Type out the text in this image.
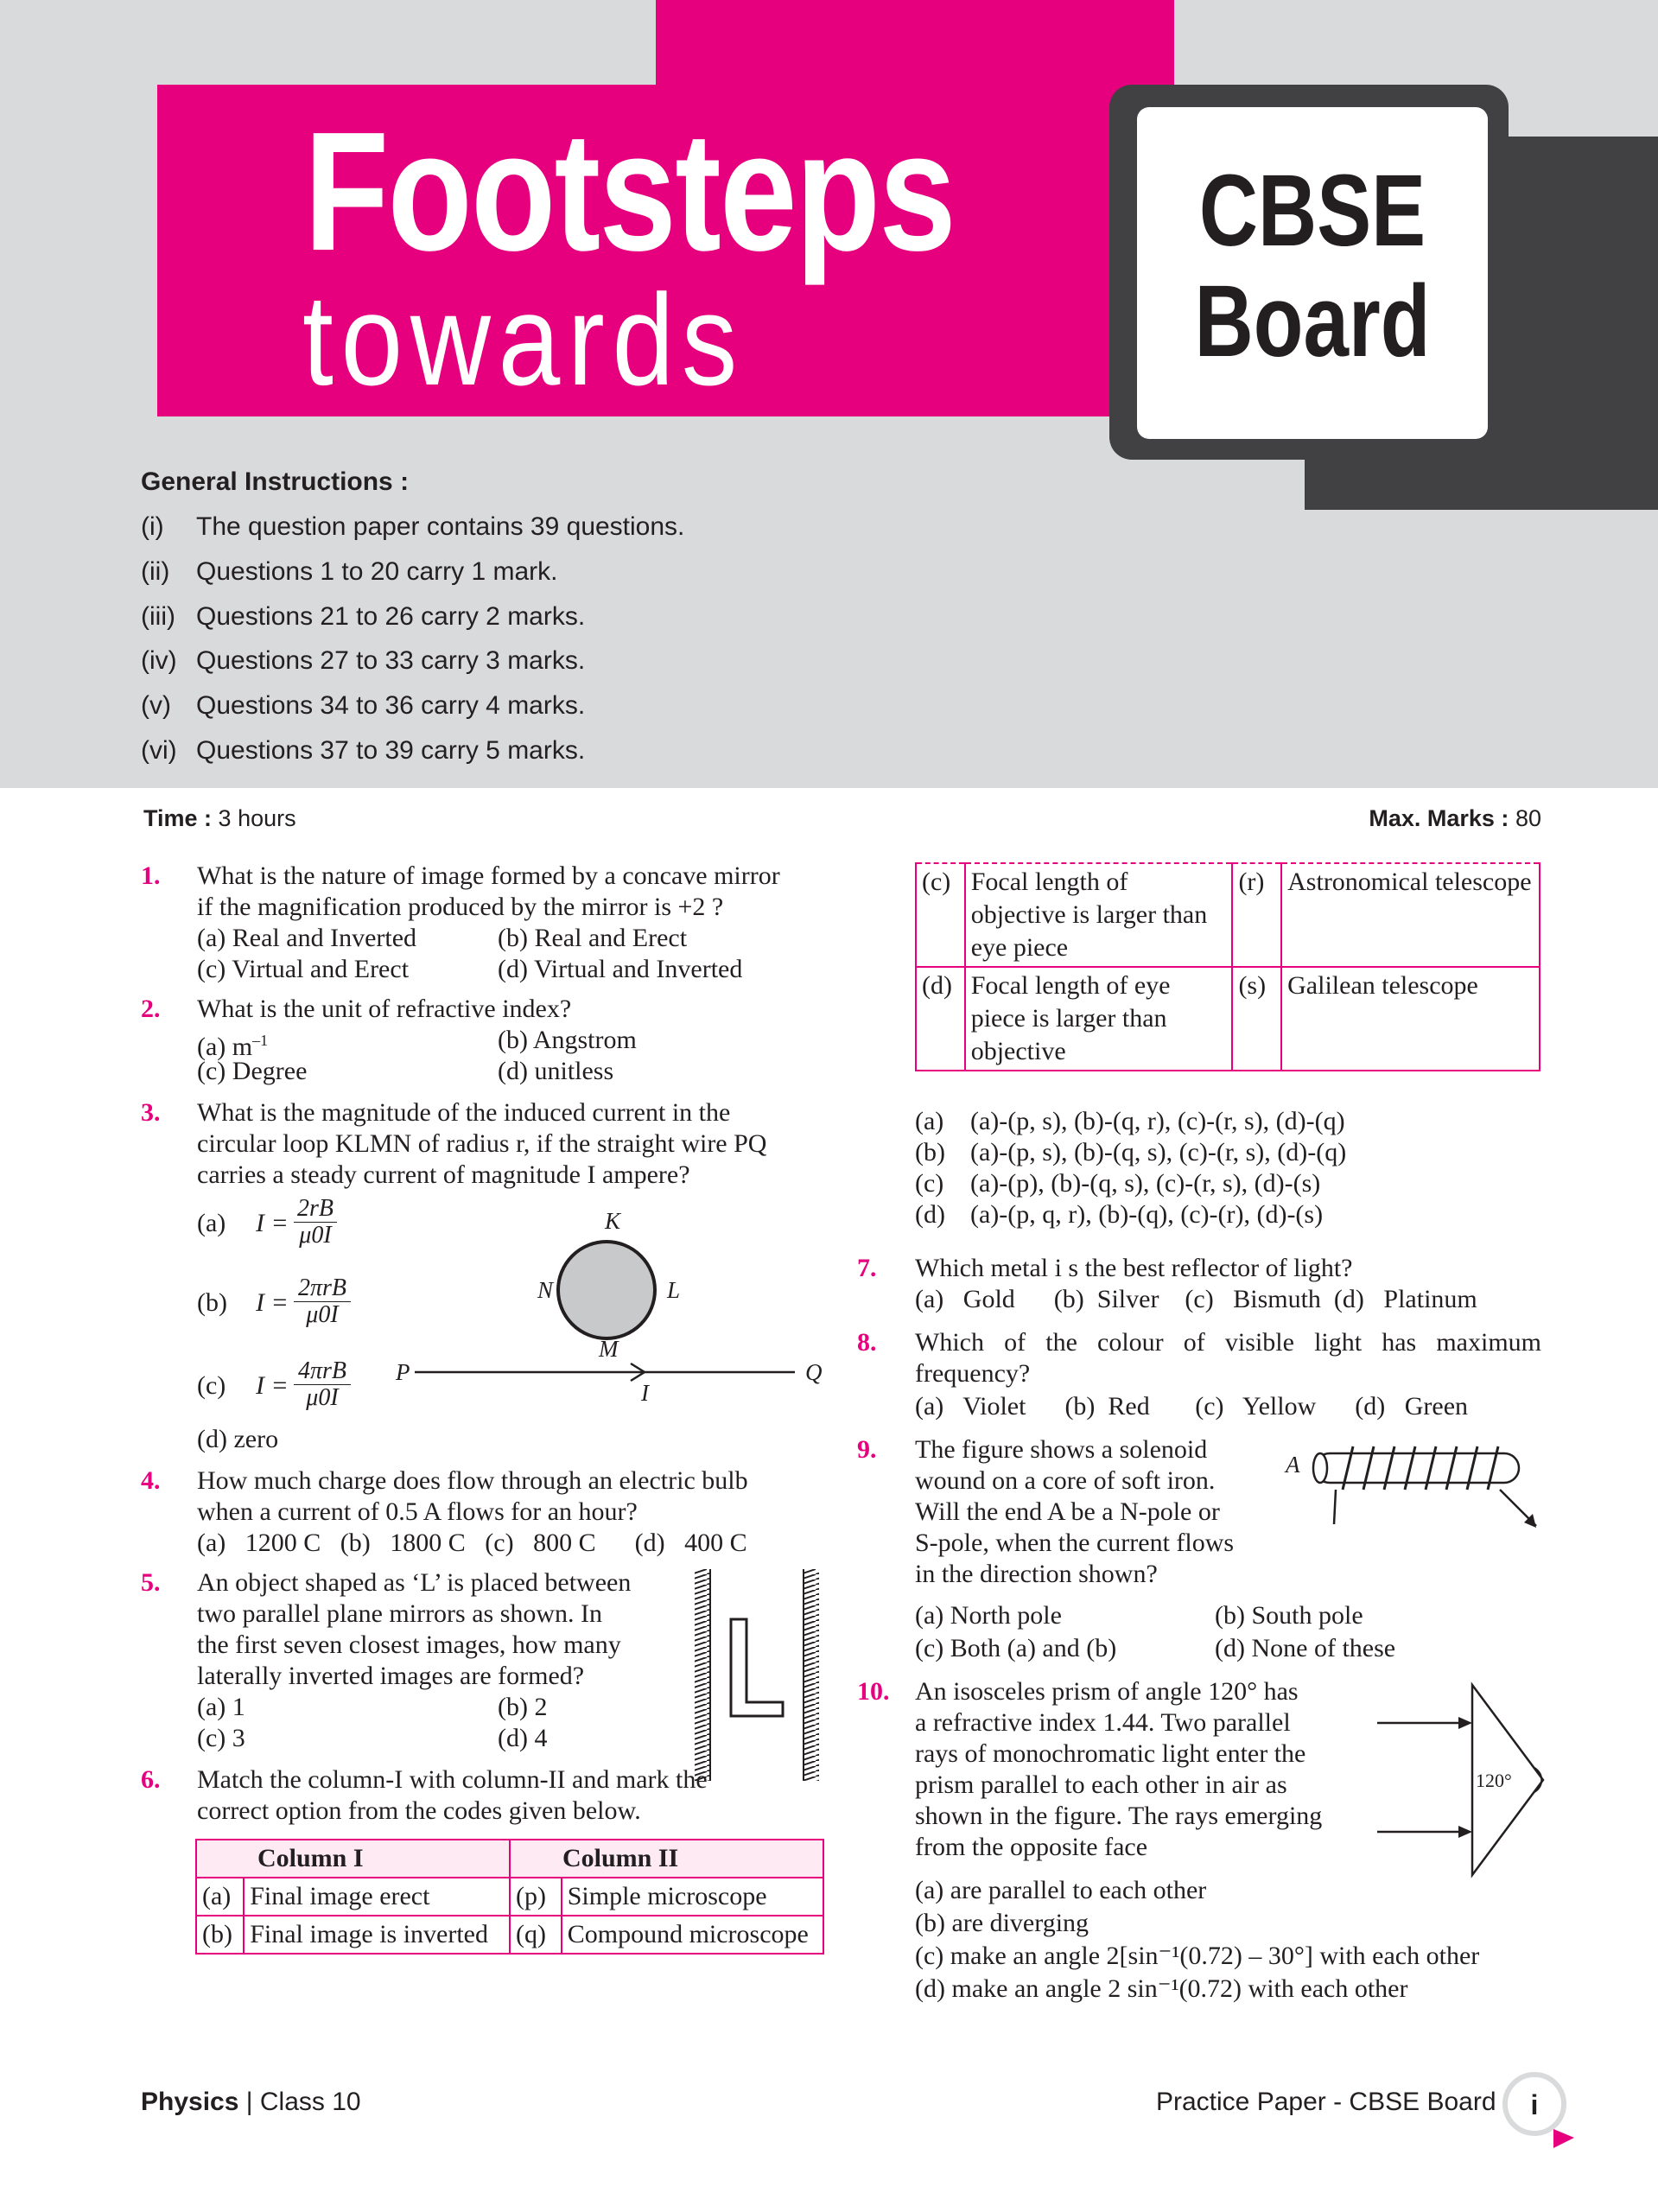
CBSE
Board
Footsteps
towards
General Instructions :
(i) The question paper contains 39 questions.
(ii) Questions 1 to 20 carry 1 mark.
(iii) Questions 21 to 26 carry 2 marks.
(iv) Questions 27 to 33 carry 3 marks.
(v) Questions 34 to 36 carry 4 marks.
(vi) Questions 37 to 39 carry 5 marks.
Time : 3 hours	Max. Marks : 80
1. What is the nature of image formed by a concave mirror
if the magnification produced by the mirror is +2 ?
(a) Real and Inverted	(b) Real and Erect
(c) Virtual and Erect	(d) Virtual and Inverted
2. What is the unit of refractive index?
(a) $m^{-1}$	(b) Angstrom
(c) Degree	(d) unitless
3. What is the magnitude of the induced current in the
circular loop KLMN of radius r, if the straight wire PQ
carries a steady current of magnitude I ampere?
(a) I =
2rB
μ0I
(b) I =
2πrB
μ0I
(c) I =
4πrB
μ0I
(d) zero
K
L
M
N
P	Q
I
4. How much charge does flow through an electric bulb
when a current of 0.5 A flows for an hour?
(a)   1200 C   (b)   1800 C   (c)   800 C      (d)   400 C
5. An object shaped as ‘L’ is placed between
two parallel plane mirrors as shown. In
the first seven closest images, how many
laterally inverted images are formed?
(a) 1	(b) 2
(c) 3	(d) 4
6. Match the column-I with column-II and mark the
correct option from the codes given below.
Column I		Column II	
(a)	Final image erect	(p)	Simple microscope
(b)	Final image is inverted	(q)	Compound microscope
(c)	Focal length of objective is larger than eye piece	(r)	Astronomical telescope
(d)	Focal length of eye piece is larger than objective	(s)	Galilean telescope
(a) (a)-(p, s), (b)-(q, r), (c)-(r, s), (d)-(q)
(b) (a)-(p, s), (b)-(q, s), (c)-(r, s), (d)-(q)
(c) (a)-(p), (b)-(q, s), (c)-(r, s), (d)-(s)
(d) (a)-(p, q, r), (b)-(q), (c)-(r), (d)-(s)
7. Which metal i s the best reflector of light?
(a)   Gold      (b)  Silver    (c)   Bismuth  (d)   Platinum
8. Which of the colour of visible light has maximum
frequency?
(a)   Violet      (b)  Red       (c)   Yellow      (d)   Green
9. The figure shows a solenoid
wound on a core of soft iron.
Will the end A be a N-pole or
S-pole, when the current flows
in the direction shown?
A
(a) North pole	(b) South pole
(c) Both (a) and (b)	(d) None of these
10. An isosceles prism of angle 120° has
a refractive index 1.44. Two parallel
rays of monochromatic light enter the
prism parallel to each other in air as
shown in the figure. The rays emerging
from the opposite face
120°
(a) are parallel to each other
(b) are diverging
(c) make an angle 2[sin⁻¹(0.72) – 30°] with each other
(d) make an angle 2 sin⁻¹(0.72) with each other
Physics | Class 10	Practice Paper - CBSE Board i
